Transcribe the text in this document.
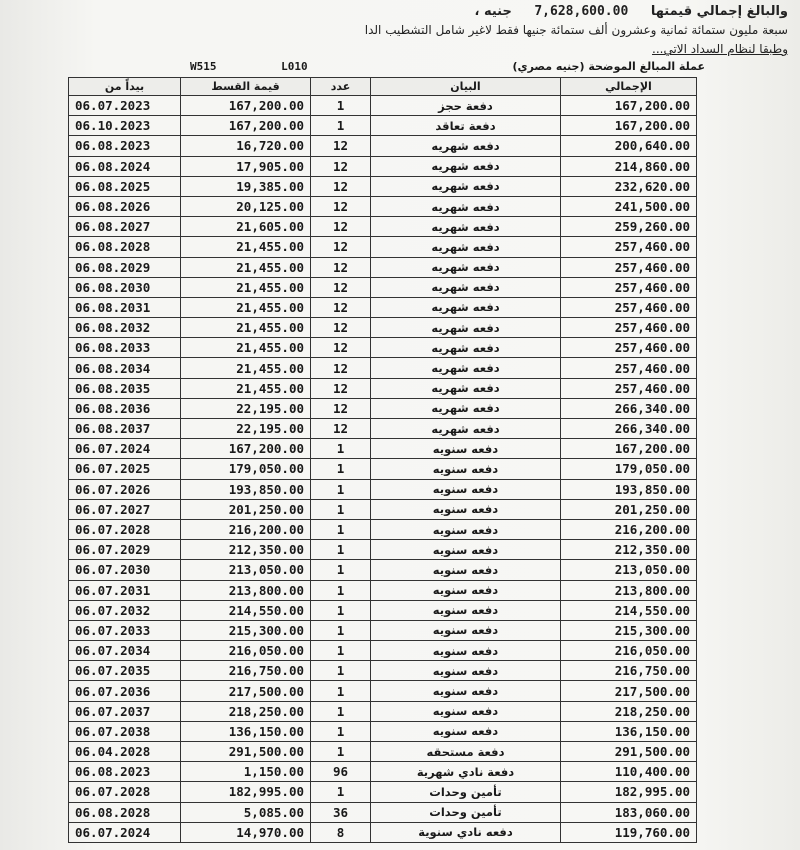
والبالغ إجمالي قيمتها 7,628,600.00 جنيه ،
سبعة مليون ستمائة ثمانية وعشرون ألف ستمائة جنيها فقط لاغير شامل التشطيب الدا
وطبقا لنظام السداد الاتي...
W515	L010	عملة المبالغ الموضحة (جنيه مصري)
بيداً من	قيمة القسط	عدد	البيان	الإجمالي
06.07.2023	167,200.00	1	دفعة حجز	167,200.00
06.10.2023	167,200.00	1	دفعة تعاقد	167,200.00
06.08.2023	16,720.00	12	دفعه شهريه	200,640.00
06.08.2024	17,905.00	12	دفعه شهريه	214,860.00
06.08.2025	19,385.00	12	دفعه شهريه	232,620.00
06.08.2026	20,125.00	12	دفعه شهريه	241,500.00
06.08.2027	21,605.00	12	دفعه شهريه	259,260.00
06.08.2028	21,455.00	12	دفعه شهريه	257,460.00
06.08.2029	21,455.00	12	دفعه شهريه	257,460.00
06.08.2030	21,455.00	12	دفعه شهريه	257,460.00
06.08.2031	21,455.00	12	دفعه شهريه	257,460.00
06.08.2032	21,455.00	12	دفعه شهريه	257,460.00
06.08.2033	21,455.00	12	دفعه شهريه	257,460.00
06.08.2034	21,455.00	12	دفعه شهريه	257,460.00
06.08.2035	21,455.00	12	دفعه شهريه	257,460.00
06.08.2036	22,195.00	12	دفعه شهريه	266,340.00
06.08.2037	22,195.00	12	دفعه شهريه	266,340.00
06.07.2024	167,200.00	1	دفعه سنويه	167,200.00
06.07.2025	179,050.00	1	دفعه سنويه	179,050.00
06.07.2026	193,850.00	1	دفعه سنويه	193,850.00
06.07.2027	201,250.00	1	دفعه سنويه	201,250.00
06.07.2028	216,200.00	1	دفعه سنويه	216,200.00
06.07.2029	212,350.00	1	دفعه سنويه	212,350.00
06.07.2030	213,050.00	1	دفعه سنويه	213,050.00
06.07.2031	213,800.00	1	دفعه سنويه	213,800.00
06.07.2032	214,550.00	1	دفعه سنويه	214,550.00
06.07.2033	215,300.00	1	دفعه سنويه	215,300.00
06.07.2034	216,050.00	1	دفعه سنويه	216,050.00
06.07.2035	216,750.00	1	دفعه سنويه	216,750.00
06.07.2036	217,500.00	1	دفعه سنويه	217,500.00
06.07.2037	218,250.00	1	دفعه سنويه	218,250.00
06.07.2038	136,150.00	1	دفعه سنويه	136,150.00
06.04.2028	291,500.00	1	دفعة مستحقه	291,500.00
06.08.2023	1,150.00	96	دفعة نادي شهرية	110,400.00
06.07.2028	182,995.00	1	تأمين وحدات	182,995.00
06.08.2028	5,085.00	36	تأمين وحدات	183,060.00
06.07.2024	14,970.00	8	دفعه نادي سنوية	119,760.00
